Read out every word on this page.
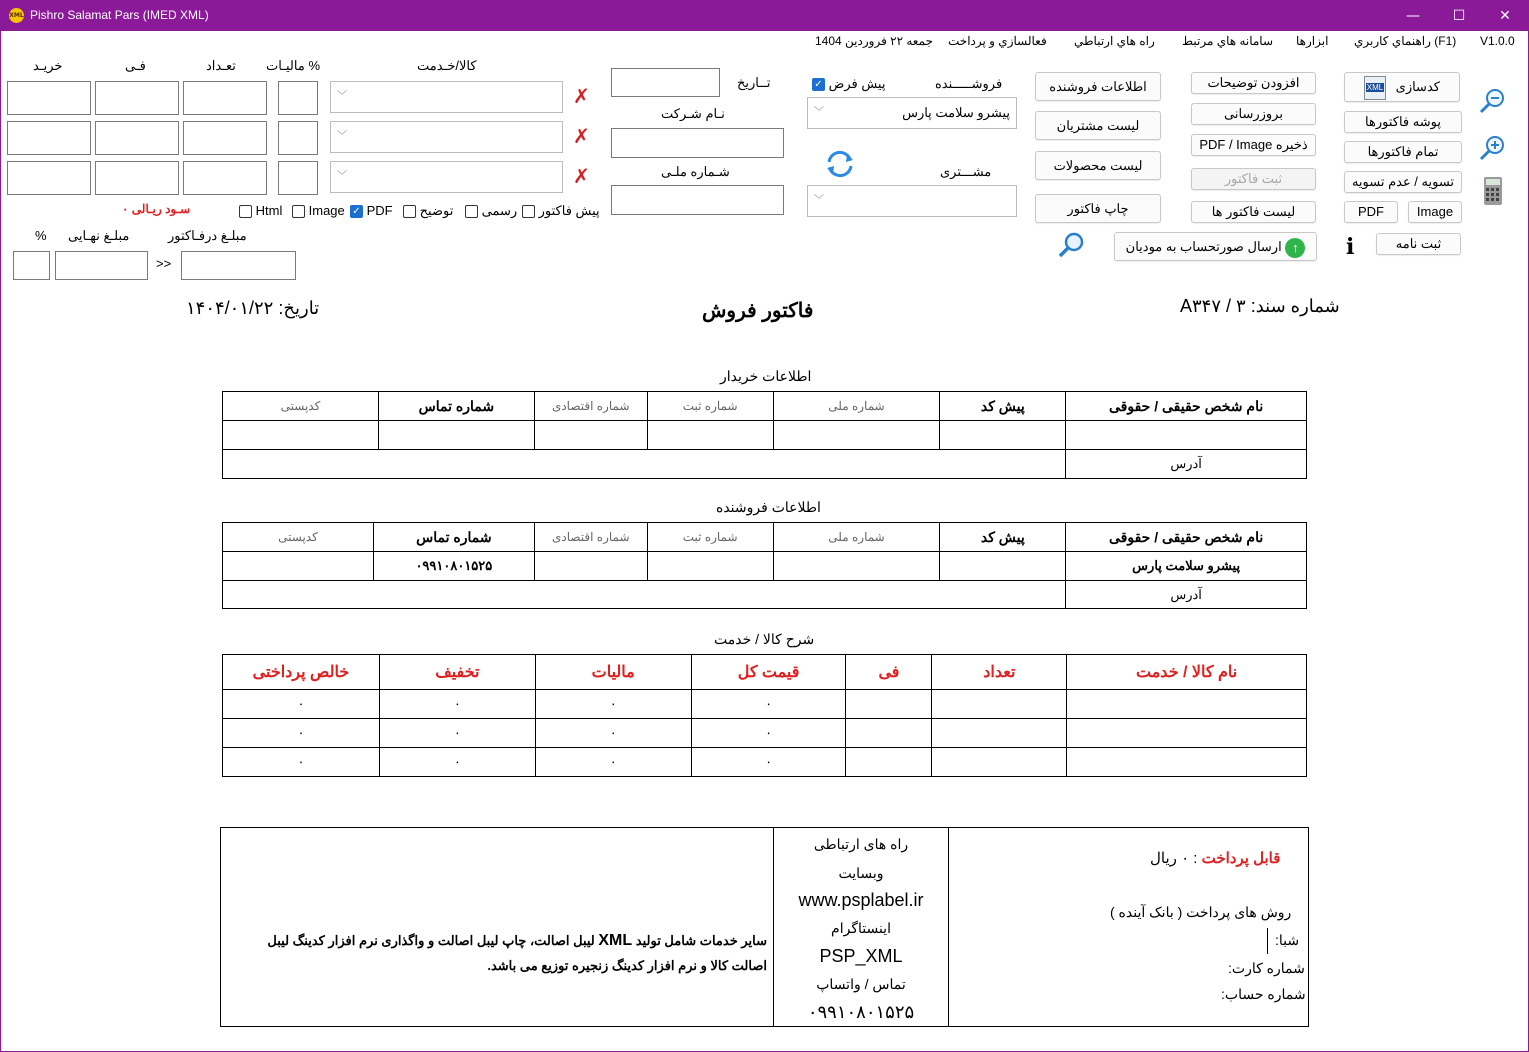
XML Pishro Salamat Pars (IMED XML)	—	☐	✕
V1.0.0
(F1) راهنماي كاربري
ابزارها
سامانه هاي مرتبط
راه هاي ارتباطي
فعالسازي و پرداخت
جمعه ۲۲ فروردین 1404
خریـد	فـی	تعـداد مالیـات %	کالا/خـدمت
﹀	✗
﹀	✗
﹀	✗
سـود ریـالی ۰	Html	Image ✓ PDF	توضیح	رسمی	پیش فاکتور
% مبلـغ نهـایی	مبلـغ درفـاکتور
>>
تــاریخ
نـام شـرکت
شـماره ملـی
فروشـــــنده
✓ پیش فرض
پیشرو سلامت پارس
﹀
مشـــتری
﹀
اطلاعات فروشنده
لیست مشتریان
لیست محصولات
چاپ فاکتور
ارسال صورتحساب به مودیان ↑
افزودن توضیحات
بروزرسانی
PDF / Image ذخیره
ثبت فاکتور
لیست فاکتور ها
XML کدسازی
پوشه فاکتورها
تمام فاکتورها
تسویه / عدم تسویه
PDF	Image
i	ثبت نامه
شماره سند: A۳۴۷ / ۳
فاکتور فروش
تاریخ: ۱۴۰۴/۰۱/۲۲
اطلاعات خریدار
نام شخص حقیقی / حقوقی	پیش کد	شماره ملی	شماره ثبت	شماره اقتصادی	شماره تماس	کدپستی

آدرس						
اطلاعات فروشنده
نام شخص حقیقی / حقوقی	پیش کد	شماره ملی	شماره ثبت	شماره اقتصادی	شماره تماس	کدپستی
پیشرو سلامت پارس					۰۹۹۱۰۸۰۱۵۲۵	
آدرس						
شرح کالا / خدمت
نام کالا / خدمت	تعداد	فی	قیمت کل	مالیات	تخفیف	خالص پرداختی
			۰	۰	۰	۰
			۰	۰	۰	۰
			۰	۰	۰	۰
قابل پرداخت : ۰ ریال
روش های پرداخت ( بانک آینده )
شبا:
شماره کارت:
شماره حساب:
راه های ارتباطی
وبسایت
www.psplabel.ir
اینستاگرام
PSP_XML
تماس / واتساپ
۰۹۹۱۰۸۰۱۵۲۵
سایر خدمات شامل تولید XML لیبل اصالت، چاپ لیبل اصالت و واگذاری نرم افزار کدینگ لیبل
اصالت کالا و نرم افزار کدینگ زنجیره توزیع می باشد.
